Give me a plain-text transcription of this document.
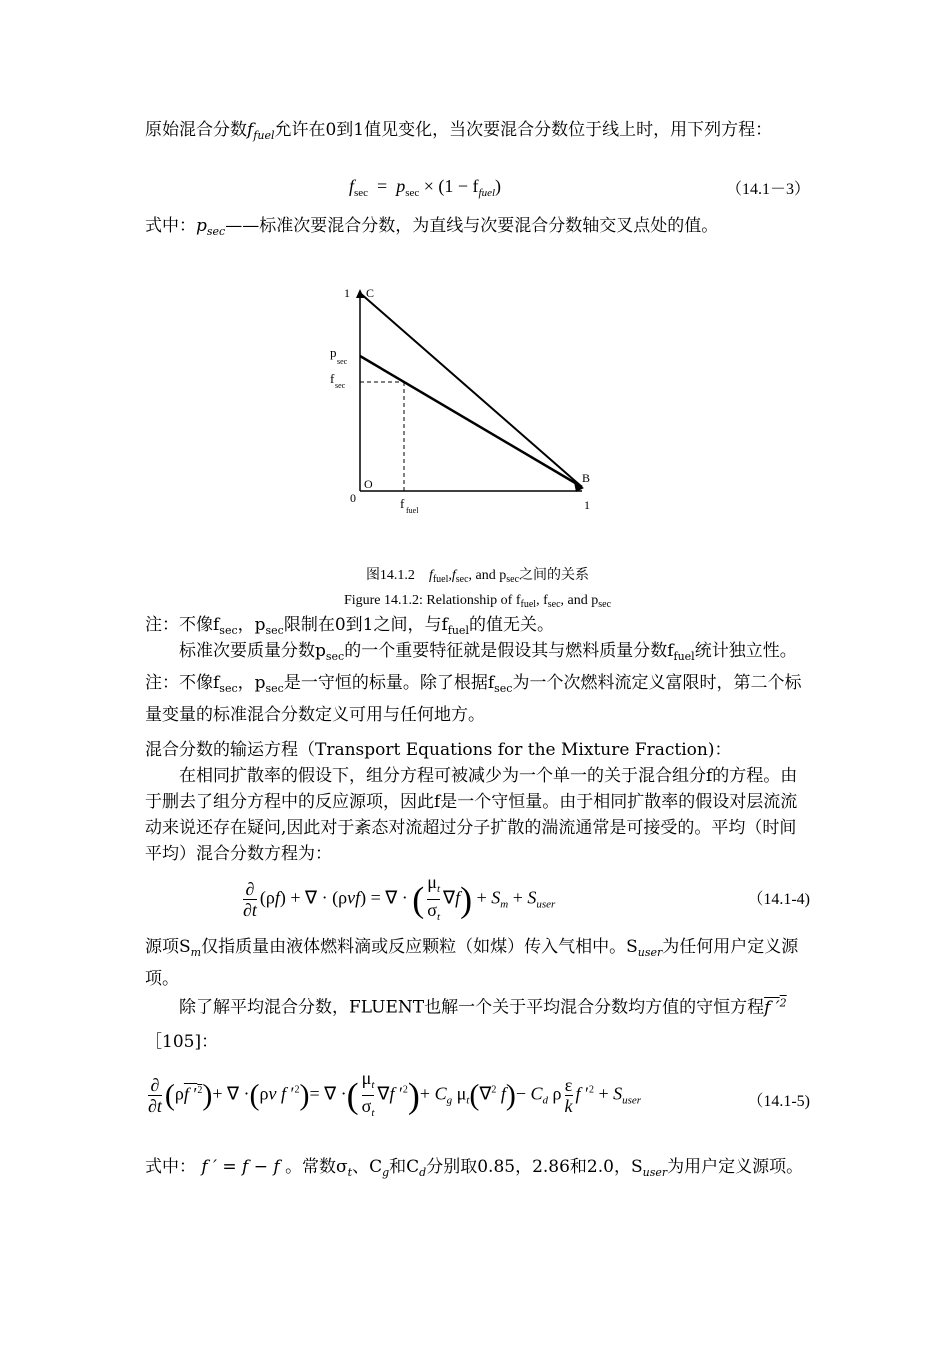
原始混合分数$f_{fuel}$允许在0到1值见变化，当次要混合分数位于线上时，用下列方程：

$f_{sec} = p_{sec} \times (1 - f_{fuel})$	（14.1－3）

式中：$p_{sec}——$标准次要混合分数，为直线与次要混合分数轴交叉点处的值。

1 C
p
sec
f sec
0
O
f fuel	1
B
图14.1.2　$f_{fuel},f_{sec}$, and $p_{sec}$之间的关系
Figure 14.1.2: Relationship of $f_{fuel}$, $f_{sec}$, and $p_{sec}$

注：不像$f_{sec}$，$p_{sec}$限制在0到1之间，与$f_{fuel}$的值无关。

标准次要质量分数$p_{sec}$的一个重要特征就是假设其与燃料质量分数$f_{fuel}$统计独立性。注：不像$f_{sec}$，$p_{sec}$是一守恒的标量。除了根据$f_{sec}$为一个次燃料流定义富限时，第二个标量变量的标准混合分数定义可用与任何地方。

混合分数的输运方程（Transport Equations for the Mixture Fraction)：

在相同扩散率的假设下，组分方程可被减少为一个单一的关于混合组分f的方程。由于删去了组分方程中的反应源项，因此f是一个守恒量。由于相同扩散率的假设对层流流动来说还存在疑问,因此对于紊态对流超过分子扩散的湍流通常是可接受的。平均（时间平均）混合分数方程为：

$\frac{\partial}{\partial t} (\rho f)$ + ∇ · (ρvf) = ∇ · ( $\frac{\mu_t}{\sigma_t} \nabla f) + S_m + S_{user}$	（14.1-4)

源项$S_m$仅指质量由液体燃料滴或反应颗粒（如煤）传入气相中。$S_{user}$为任何用户定义源项。

除了解平均混合分数，FLUENT也解一个关于平均混合分数均方值的守恒方程f $'^2$ ［105]：

$\frac{\partial}{\partial t} (\rho f$ $'^2)+$ ∇ ·(ρv f $'^2)=$ ∇ ·( $\frac{\mu_t}{\sigma_t} \nabla f$ $'^2)+ C_g$ $\mu_t(\nabla^2$ $f)- C_d$ ρ $\frac{\varepsilon}{k}$ f $'^2 + S_{user}$	（14.1-5)

式中： f ′ = f − f 。常数$\sigma_t$、$C_g$和$C_d$分别取0.85，2.86和2.0，$S_{user}$为用户定义源项。
